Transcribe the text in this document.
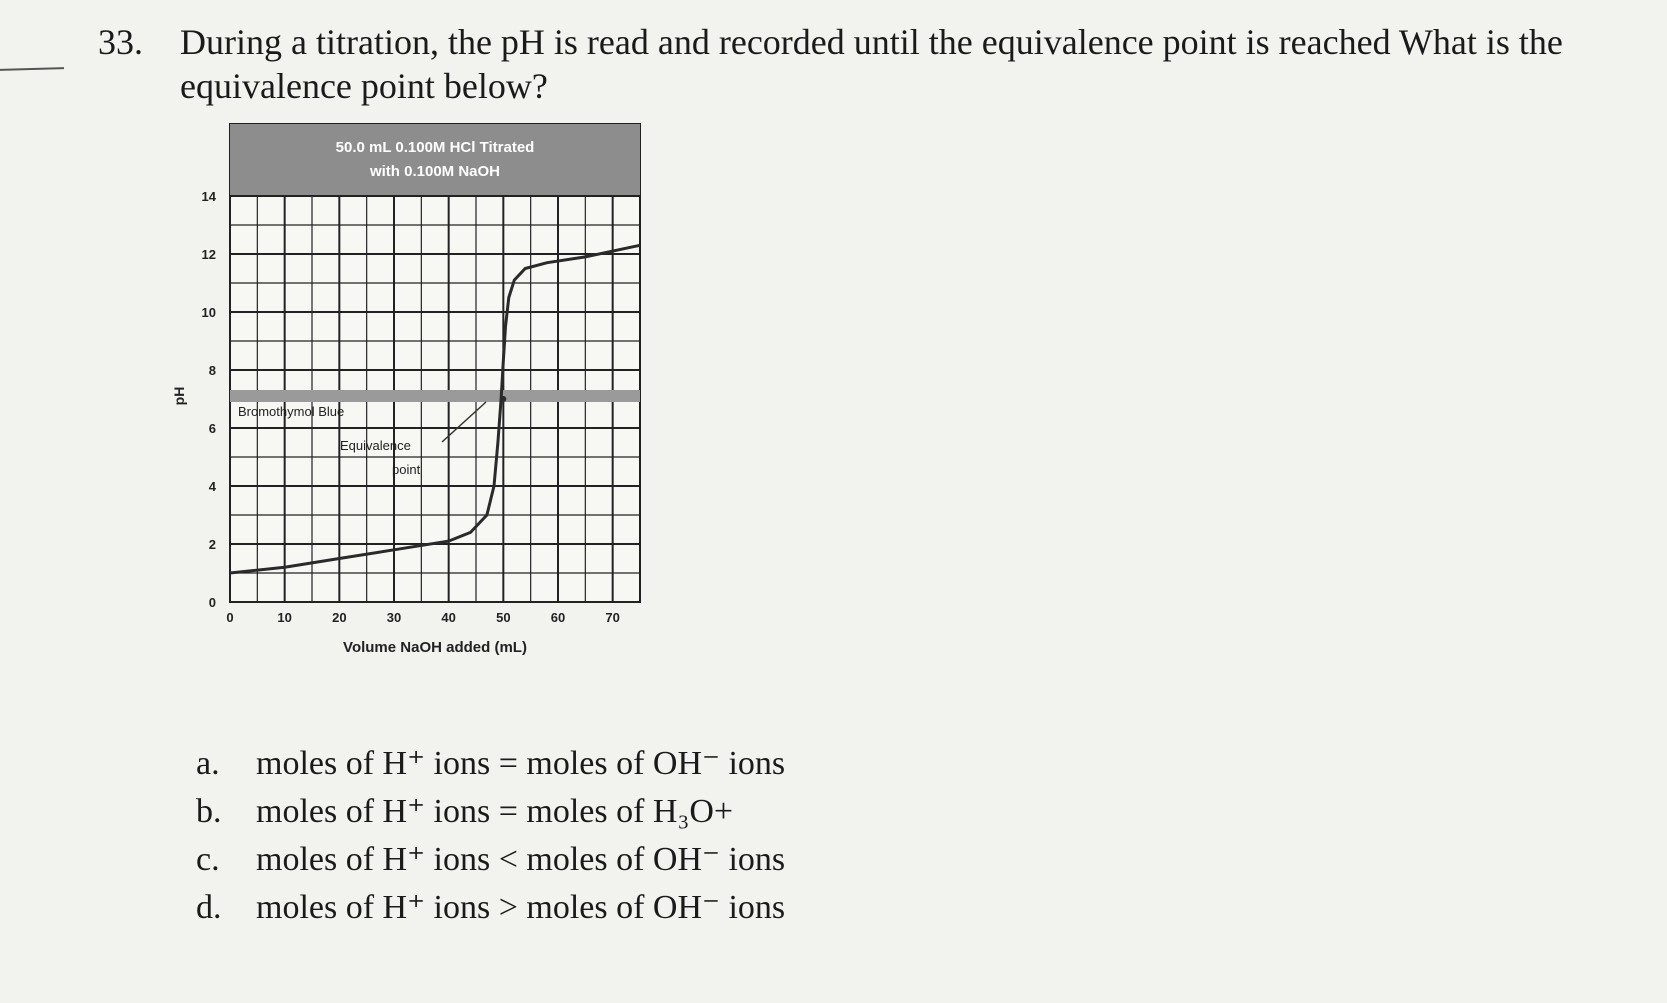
33. During a titration, the pH is read and recorded until the equivalence point is reached What is the equivalence point below?
50.0 mL 0.100M HCl Titrated
with 0.100M NaOH
Bromothymol Blue
Equivalence
point
0
2
4
6
8
10
12
14
0	10	20	30	40	50	60	70
pH
Volume NaOH added (mL)
a.	moles of H⁺ ions = moles of OH⁻ ions
b.	moles of H⁺ ions = moles of H₃O+
c.	moles of H⁺ ions < moles of OH⁻ ions
d.	moles of H⁺ ions > moles of OH⁻ ions
